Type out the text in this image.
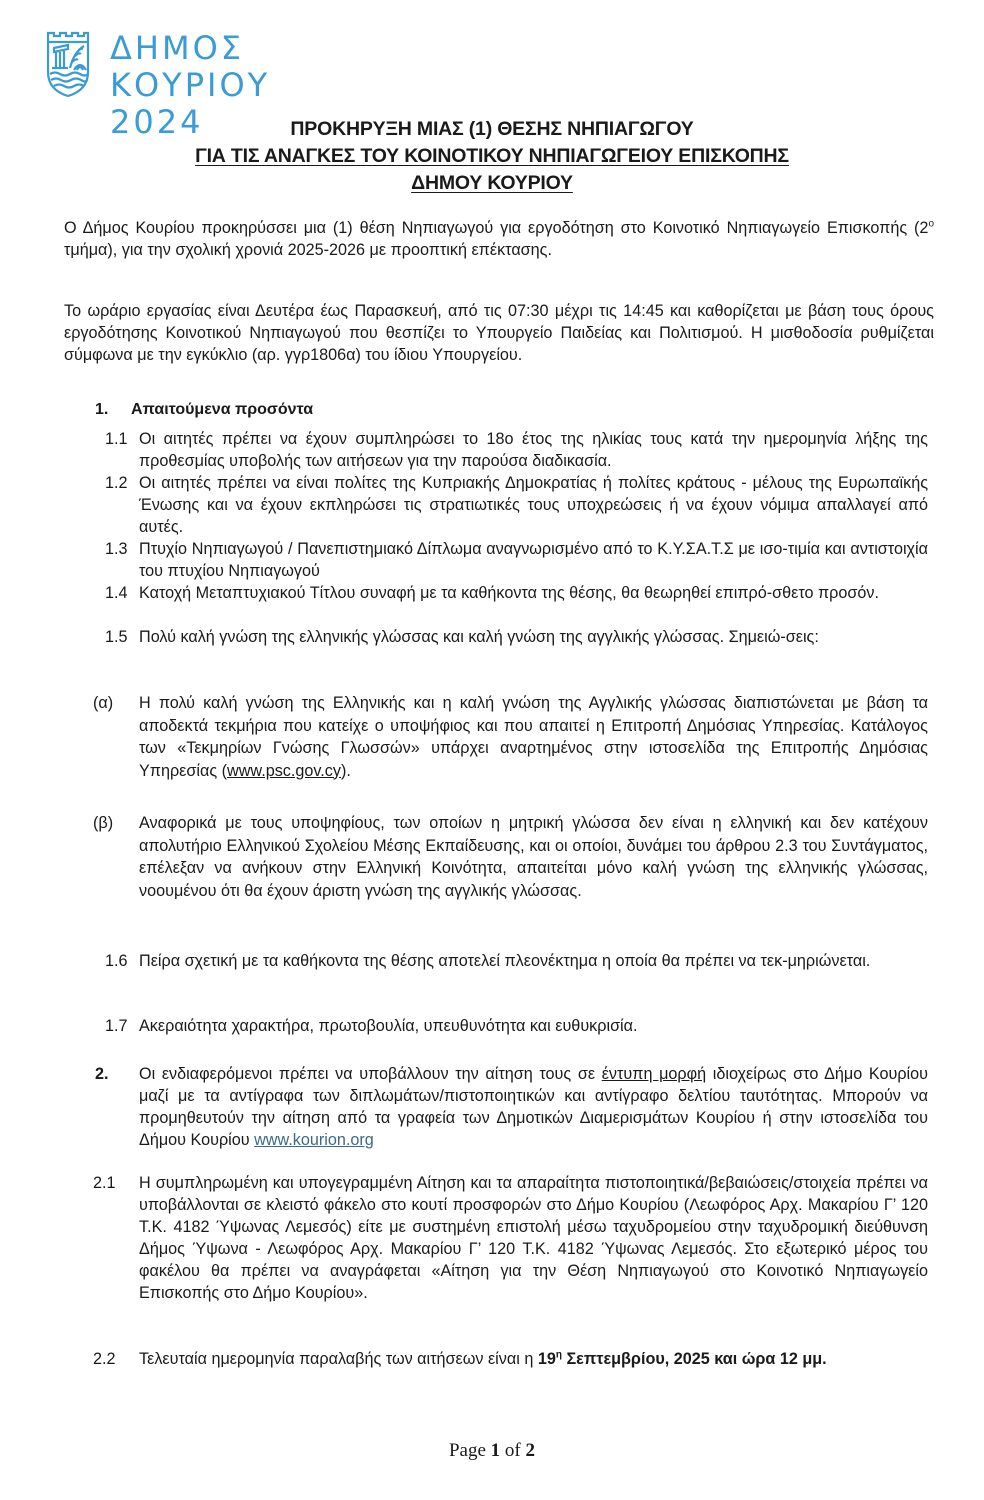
ΔΗΜΟΣ ΚΟΥΡΙΟΥ
2024	ΠΡΟΚΗΡΥΞΗ ΜΙΑΣ (1) ΘΕΣΗΣ ΝΗΠΙΑΓΩΓΟΥ
ΓΙΑ ΤΙΣ ΑΝΑΓΚΕΣ ΤΟΥ ΚΟΙΝΟΤΙΚΟΥ ΝΗΠΙΑΓΩΓΕΙΟΥ ΕΠΙΣΚΟΠΗΣ
ΔΗΜΟΥ ΚΟΥΡΙΟΥ
Ο Δήμος Κουρίου προκηρύσσει μια (1) θέση Νηπιαγωγού για εργοδότηση στο Κοινοτικό Νηπιαγωγείο Επισκοπής ($2^o$ τμήμα), για την σχολική χρονιά 2025-2026 με προοπτική επέκτασης.
Το ωράριο εργασίας είναι Δευτέρα έως Παρασκευή, από τις 07:30 μέχρι τις 14:45 και καθορίζεται με βάση τους όρους εργοδότησης Κοινοτικού Νηπιαγωγού που θεσπίζει το Υπουργείο Παιδείας και Πολιτισμού. Η μισθοδοσία ρυθμίζεται σύμφωνα με την εγκύκλιο (αρ. γγρ1806α) του ίδιου Υπουργείου.
1. Απαιτούμενα προσόντα
1.1 Οι αιτητές πρέπει να έχουν συμπληρώσει το 18ο έτος της ηλικίας τους κατά την ημερομηνία λήξης της προθεσμίας υποβολής των αιτήσεων για την παρούσα διαδικασία.
1.2 Οι αιτητές πρέπει να είναι πολίτες της Κυπριακής Δημοκρατίας ή πολίτες κράτους - μέλους της Ευρωπαϊκής Ένωσης και να έχουν εκπληρώσει τις στρατιωτικές τους υποχρεώσεις ή να έχουν νόμιμα απαλλαγεί από αυτές.
1.3 Πτυχίο Νηπιαγωγού / Πανεπιστημιακό Δίπλωμα αναγνωρισμένο από το Κ.Υ.ΣΑ.Τ.Σ με ισο-τιμία και αντιστοιχία του πτυχίου Νηπιαγωγού
1.4 Κατοχή Μεταπτυχιακού Τίτλου συναφή με τα καθήκοντα της θέσης, θα θεωρηθεί επιπρό-σθετο προσόν.
1.5 Πολύ καλή γνώση της ελληνικής γλώσσας και καλή γνώση της αγγλικής γλώσσας. Σημειώ-σεις:
(α) Η πολύ καλή γνώση της Ελληνικής και η καλή γνώση της Αγγλικής γλώσσας διαπιστώνεται με βάση τα αποδεκτά τεκμήρια που κατείχε ο υποψήφιος και που απαιτεί η Επιτροπή Δημόσιας Υπηρεσίας. Κατάλογος των «Τεκμηρίων Γνώσης Γλωσσών» υπάρχει αναρτημένος στην ιστοσελίδα της Επιτροπής Δημόσιας Υπηρεσίας (www.psc.gov.cy).
(β) Αναφορικά με τους υποψηφίους, των οποίων η μητρική γλώσσα δεν είναι η ελληνική και δεν κατέχουν απολυτήριο Ελληνικού Σχολείου Μέσης Εκπαίδευσης, και οι οποίοι, δυνάμει του άρθρου 2.3 του Συντάγματος, επέλεξαν να ανήκουν στην Ελληνική Κοινότητα, απαιτείται μόνο καλή γνώση της ελληνικής γλώσσας, νοουμένου ότι θα έχουν άριστη γνώση της αγγλικής γλώσσας.
1.6 Πείρα σχετική με τα καθήκοντα της θέσης αποτελεί πλεονέκτημα η οποία θα πρέπει να τεκ-μηριώνεται.
1.7 Ακεραιότητα χαρακτήρα, πρωτοβουλία, υπευθυνότητα και ευθυκρισία.
2. Οι ενδιαφερόμενοι πρέπει να υποβάλλουν την αίτηση τους σε έντυπη μορφή ιδιοχείρως στο Δήμο Κουρίου μαζί με τα αντίγραφα των διπλωμάτων/πιστοποιητικών και αντίγραφο δελτίου ταυτότητας. Μπορούν να προμηθευτούν την αίτηση από τα γραφεία των Δημοτικών Διαμερισμάτων Κουρίου ή στην ιστοσελίδα του Δήμου Κουρίου www.kourion.org
2.1 Η συμπληρωμένη και υπογεγραμμένη Αίτηση και τα απαραίτητα πιστοποιητικά/βεβαιώσεις/στοιχεία πρέπει να υποβάλλονται σε κλειστό φάκελο στο κουτί προσφορών στο Δήμο Κουρίου (Λεωφόρος Αρχ. Μακαρίου Γ’ 120 Τ.Κ. 4182 Ύψωνας Λεμεσός) είτε με συστημένη επιστολή μέσω ταχυδρομείου στην ταχυδρομική διεύθυνση Δήμος Ύψωνα - Λεωφόρος Αρχ. Μακαρίου Γ’ 120 Τ.Κ. 4182 Ύψωνας Λεμεσός. Στο εξωτερικό μέρος του φακέλου θα πρέπει να αναγράφεται «Αίτηση για την Θέση Νηπιαγωγού στο Κοινοτικό Νηπιαγωγείο Επισκοπής στο Δήμο Κουρίου».
2.2 Τελευταία ημερομηνία παραλαβής των αιτήσεων είναι η $19^\eta$ Σεπτεμβρίου, 2025 και ώρα 12 μμ.
Page 1 of 2
